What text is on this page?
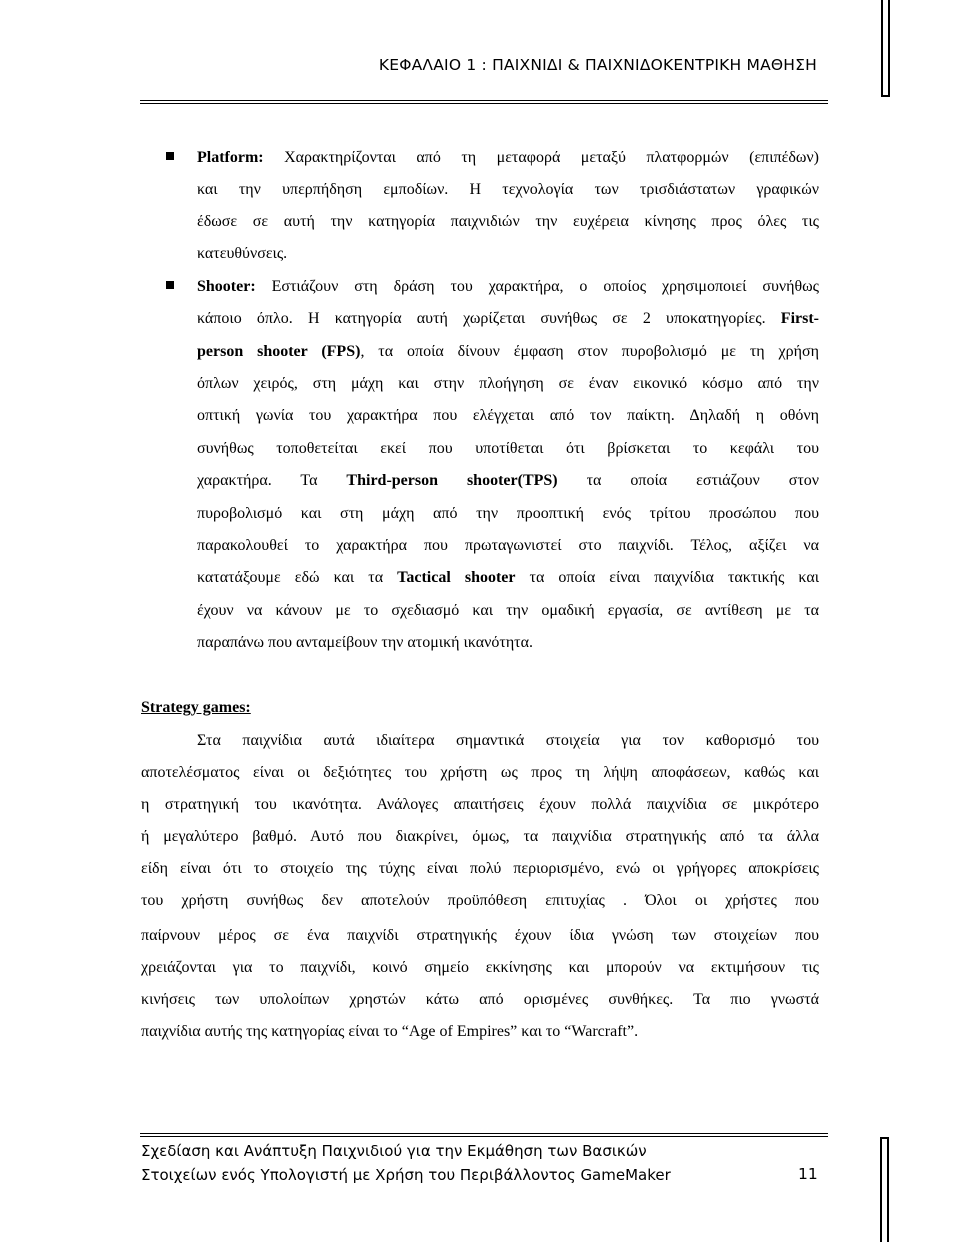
ΚΕΦΑΛΑΙΟ 1 : ΠΑΙΧΝΙΔΙ & ΠΑΙΧΝΙΔΟΚΕΝΤΡΙΚΗ ΜΑΘΗΣΗ
Platform: Χαρακτηρίζονται από τη μεταφορά μεταξύ πλατφορμών (επιπέδων)
και την υπερπήδηση εμποδίων. Η τεχνολογία των τρισδιάστατων γραφικών
έδωσε σε αυτή την κατηγορία παιχνιδιών την ευχέρεια κίνησης προς όλες τις
κατευθύνσεις.
Shooter: Εστιάζουν στη δράση του χαρακτήρα, ο οποίος χρησιμοποιεί συνήθως
κάποιο όπλο. Η κατηγορία αυτή χωρίζεται συνήθως σε 2 υποκατηγορίες. First-
person shooter (FPS), τα οποία δίνουν έμφαση στον πυροβολισμό με τη χρήση
όπλων χειρός, στη μάχη και στην πλοήγηση σε έναν εικονικό κόσμο από την
οπτική γωνία του χαρακτήρα που ελέγχεται από τον παίκτη. Δηλαδή η οθόνη
συνήθως τοποθετείται εκεί που υποτίθεται ότι βρίσκεται το κεφάλι του
χαρακτήρα. Τα Third-person shooter(TPS) τα οποία εστιάζουν στον
πυροβολισμό και στη μάχη από την προοπτική ενός τρίτου προσώπου που
παρακολουθεί το χαρακτήρα που πρωταγωνιστεί στο παιχνίδι. Τέλος, αξίζει να
κατατάξουμε εδώ και τα Tactical shooter τα οποία είναι παιχνίδια τακτικής και
έχουν να κάνουν με το σχεδιασμό και την ομαδική εργασία, σε αντίθεση με τα
παραπάνω που ανταμείβουν την ατομική ικανότητα.
Strategy games:
Στα παιχνίδια αυτά ιδιαίτερα σημαντικά στοιχεία για τον καθορισμό του
αποτελέσματος είναι οι δεξιότητες του χρήστη ως προς τη λήψη αποφάσεων, καθώς και
η στρατηγική του ικανότητα. Ανάλογες απαιτήσεις έχουν πολλά παιχνίδια σε μικρότερο
ή μεγαλύτερο βαθμό. Αυτό που διακρίνει, όμως, τα παιχνίδια στρατηγικής από τα άλλα
είδη είναι ότι το στοιχείο της τύχης είναι πολύ περιορισμένο, ενώ οι γρήγορες αποκρίσεις
του χρήστη συνήθως δεν αποτελούν προϋπόθεση επιτυχίας . Όλοι οι χρήστες που
παίρνουν μέρος σε ένα παιχνίδι στρατηγικής έχουν ίδια γνώση των στοιχείων που
χρειάζονται για το παιχνίδι, κοινό σημείο εκκίνησης και μπορούν να εκτιμήσουν τις
κινήσεις των υπολοίπων χρηστών κάτω από ορισμένες συνθήκες. Τα πιο γνωστά
παιχνίδια αυτής της κατηγορίας είναι το “Age of Empires” και το “Warcraft”.
Σχεδίαση και Ανάπτυξη Παιχνιδιού για την Εκμάθηση των Βασικών
Στοιχείων ενός Υπολογιστή με Χρήση του Περιβάλλοντος GameMaker	11
